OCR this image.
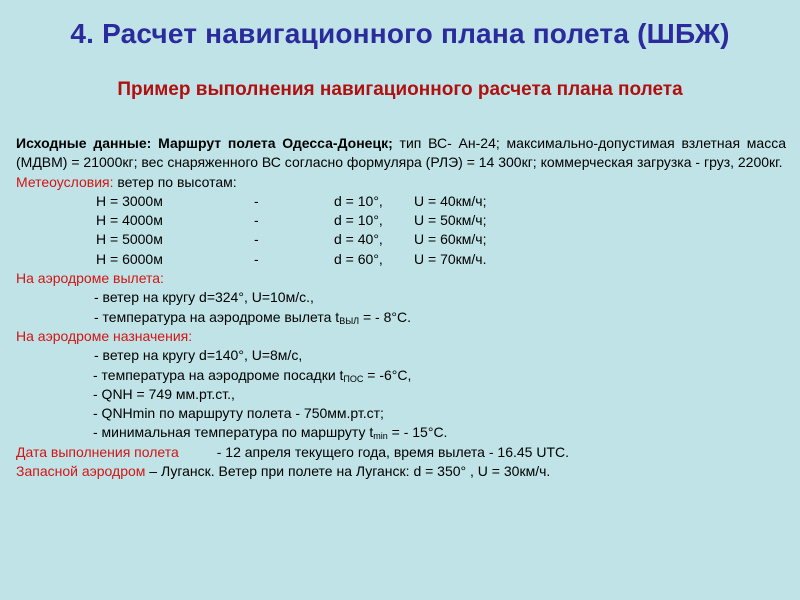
4. Расчет навигационного плана полета (ШБЖ)
Пример выполнения навигационного расчета плана полета
Исходные данные: Маршрут полета Одесса-Донецк; тип ВС- Ан-24; максимально-допустимая взлетная масса (МДВМ) = 21000кг; вес снаряженного ВС согласно формуляра (РЛЭ) = 14 300кг; коммерческая загрузка - груз, 2200кг.
Метеоусловия: ветер по высотам:
H = 3000м	-	d = 10°, U = 40км/ч;
H = 4000м	-	d = 10°, U = 50км/ч;
H = 5000м	-	d = 40°, U = 60км/ч;
H = 6000м	-	d = 60°, U = 70км/ч.
На аэродроме вылета:
- ветер на кругу d=324°, U=10м/с.,
- температура на аэродроме вылета $t_{ВЫЛ}$ = - 8°С.
На аэродроме назначения:
- ветер на кругу d=140°, U=8м/с,
- температура на аэродроме посадки $t_{ПОС} = -6^\circ С$,
- QNH = 749 мм.рт.ст.,
- QNHmin по маршруту полета - 750мм.рт.ст;
- минимальная температура по маршруту $t_{min}$ = - 15°С.
Дата выполнения полета	- 12 апреля текущего года, время вылета - 16.45 UTC.
Запасной аэродром – Луганск. Ветер при полете на Луганск: d = 350° , U = 30км/ч.
